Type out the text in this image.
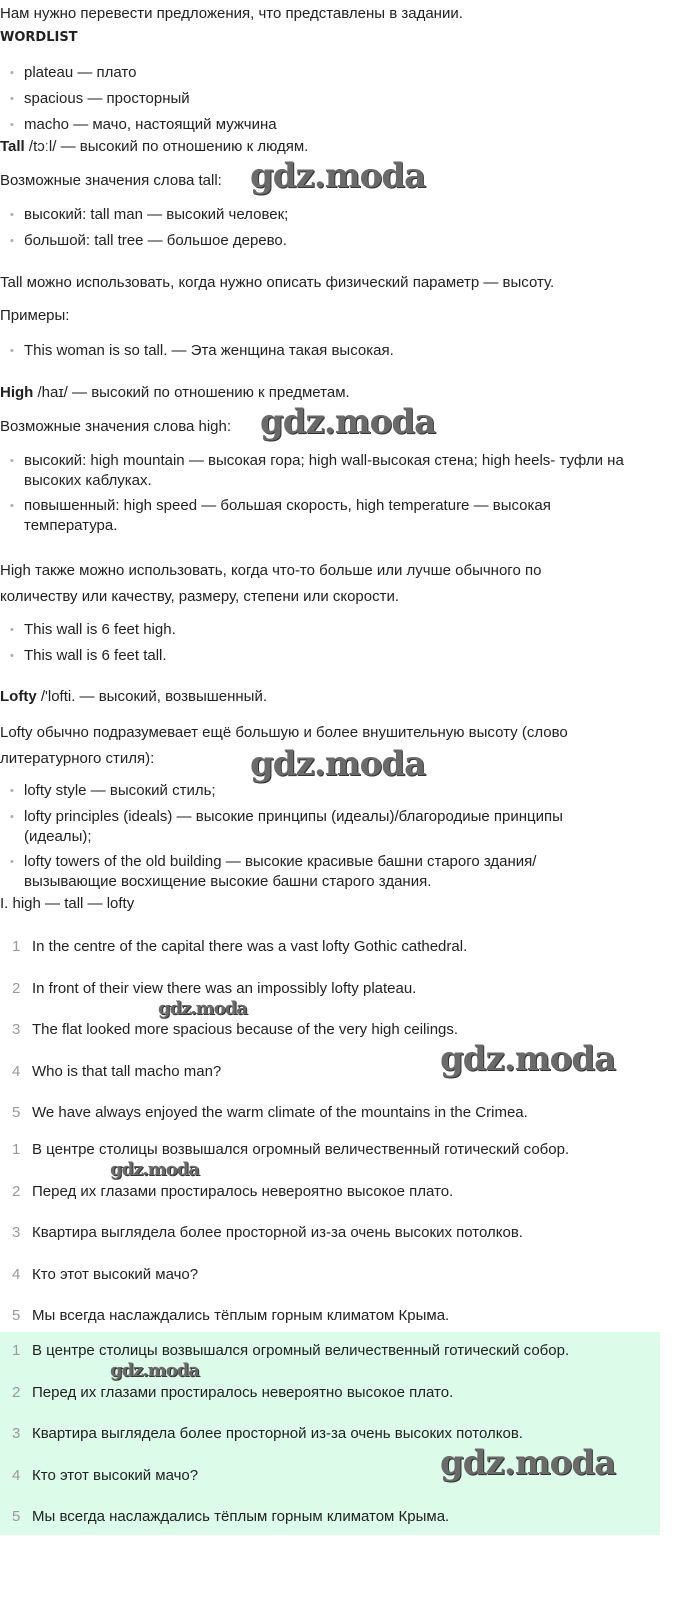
Нам нужно перевести предложения, что представлены в задании.
WORDLIST
• plateau — плато
• spacious — просторный
• macho — мачо, настоящий мужчина
Tall /tɔːl/ — высокий по отношению к людям.
Возможные значения слова tall:
• высокий: tall man — высокий человек;
• большой: tall tree — большое дерево.
Tall можно использовать, когда нужно описать физический параметр — высоту.
Примеры:
• This woman is so tall. — Эта женщина такая высокая.
High /haɪ/ — высокий по отношению к предметам.
Возможные значения слова high:
• высокий: high mountain — высокая гора; high wall-высокая стена; high heels- туфли на
высоких каблуках.
• повышенный: high speed — большая скорость, high temperature — высокая
температура.
High также можно использовать, когда что-то больше или лучше обычного по
количеству или качеству, размеру, степени или скорости.
• This wall is 6 feet high.
• This wall is 6 feet tall.
Lofty /'lofti. — высокий, возвышенный.
Lofty обычно подразумевает ещё большую и более внушительную высоту (слово
литературного стиля):
• lofty style — высокий стиль;
• lofty principles (ideals) — высокие принципы (идеалы)/благородиые принципы
(идеалы);
• lofty towers of the old building — высокие красивые башни старого здания/
вызывающие восхищение высокие башни старого здания.
I. high — tall — lofty
1 In the centre of the capital there was a vast lofty Gothic cathedral.
2 In front of their view there was an impossibly lofty plateau.
3 The flat looked more spacious because of the very high ceilings.
4 Who is that tall macho man?
5 We have always enjoyed the warm climate of the mountains in the Crimea.
1 В центре столицы возвышался огромный величественный готический собор.
2 Перед их глазами простиралось невероятно высокое плато.
3 Квартира выглядела более просторной из-за очень высоких потолков.
4 Кто этот высокий мачо?
5 Мы всегда наслаждались тёплым горным климатом Крыма.
1 В центре столицы возвышался огромный величественный готический собор.
2 Перед их глазами простиралось невероятно высокое плато.
3 Квартира выглядела более просторной из-за очень высоких потолков.
4 Кто этот высокий мачо?
5 Мы всегда наслаждались тёплым горным климатом Крыма.
gdz.moda
gdz.moda
gdz.moda
gdz.moda
gdz.moda
gdz.moda
gdz.moda
gdz.moda
